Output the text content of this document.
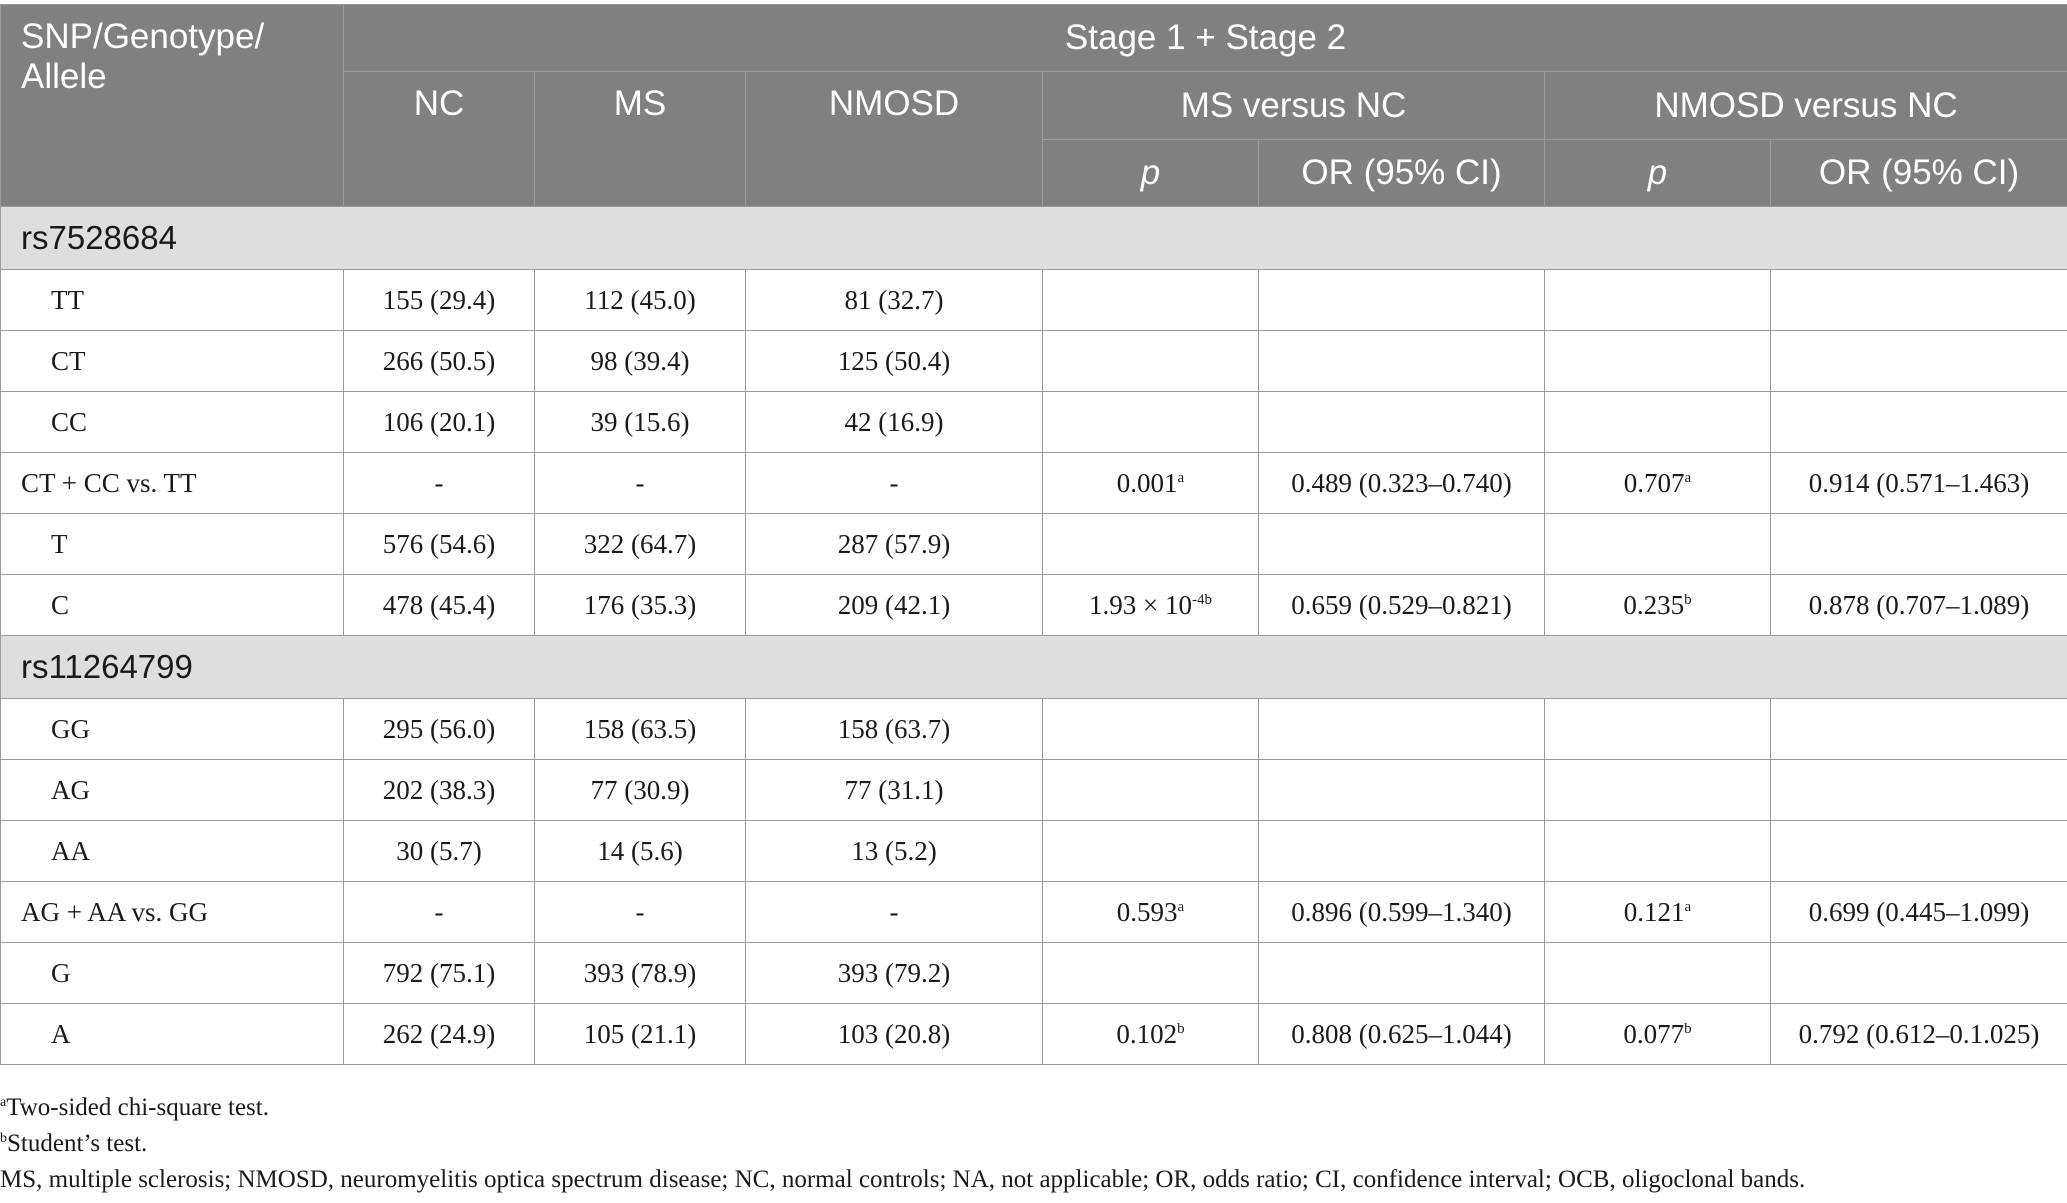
SNP/Genotype/ Allele	Stage 1 + Stage 2						
	NC	MS	NMOSD	MS versus NC		NMOSD versus NC	
				p	OR (95% CI)	p	OR (95% CI)
rs7528684							
TT	155 (29.4)	112 (45.0)	81 (32.7)				
CT	266 (50.5)	98 (39.4)	125 (50.4)				
CC	106 (20.1)	39 (15.6)	42 (16.9)				
CT + CC vs. TT	-	-	-	0.001$^a$	0.489 (0.323–0.740)	0.707$^a$	0.914 (0.571–1.463)
T	576 (54.6)	322 (64.7)	287 (57.9)				
C	478 (45.4)	176 (35.3)	209 (42.1)	$1.93 \times 10^{-4b}$	0.659 (0.529–0.821)	0.235$^b$	0.878 (0.707–1.089)
rs11264799							
GG	295 (56.0)	158 (63.5)	158 (63.7)				
AG	202 (38.3)	77 (30.9)	77 (31.1)				
AA	30 (5.7)	14 (5.6)	13 (5.2)				
AG + AA vs. GG	-	-	-	0.593$^a$	0.896 (0.599–1.340)	0.121$^a$	0.699 (0.445–1.099)
G	792 (75.1)	393 (78.9)	393 (79.2)				
A	262 (24.9)	105 (21.1)	103 (20.8)	0.102$^b$	0.808 (0.625–1.044)	0.077$^b$	0.792 (0.612–0.1.025)
$^a$Two-sided chi-square test.
$^b$Student’s test.
MS, multiple sclerosis; NMOSD, neuromyelitis optica spectrum disease; NC, normal controls; NA, not applicable; OR, odds ratio; CI, confidence interval; OCB, oligoclonal bands.
